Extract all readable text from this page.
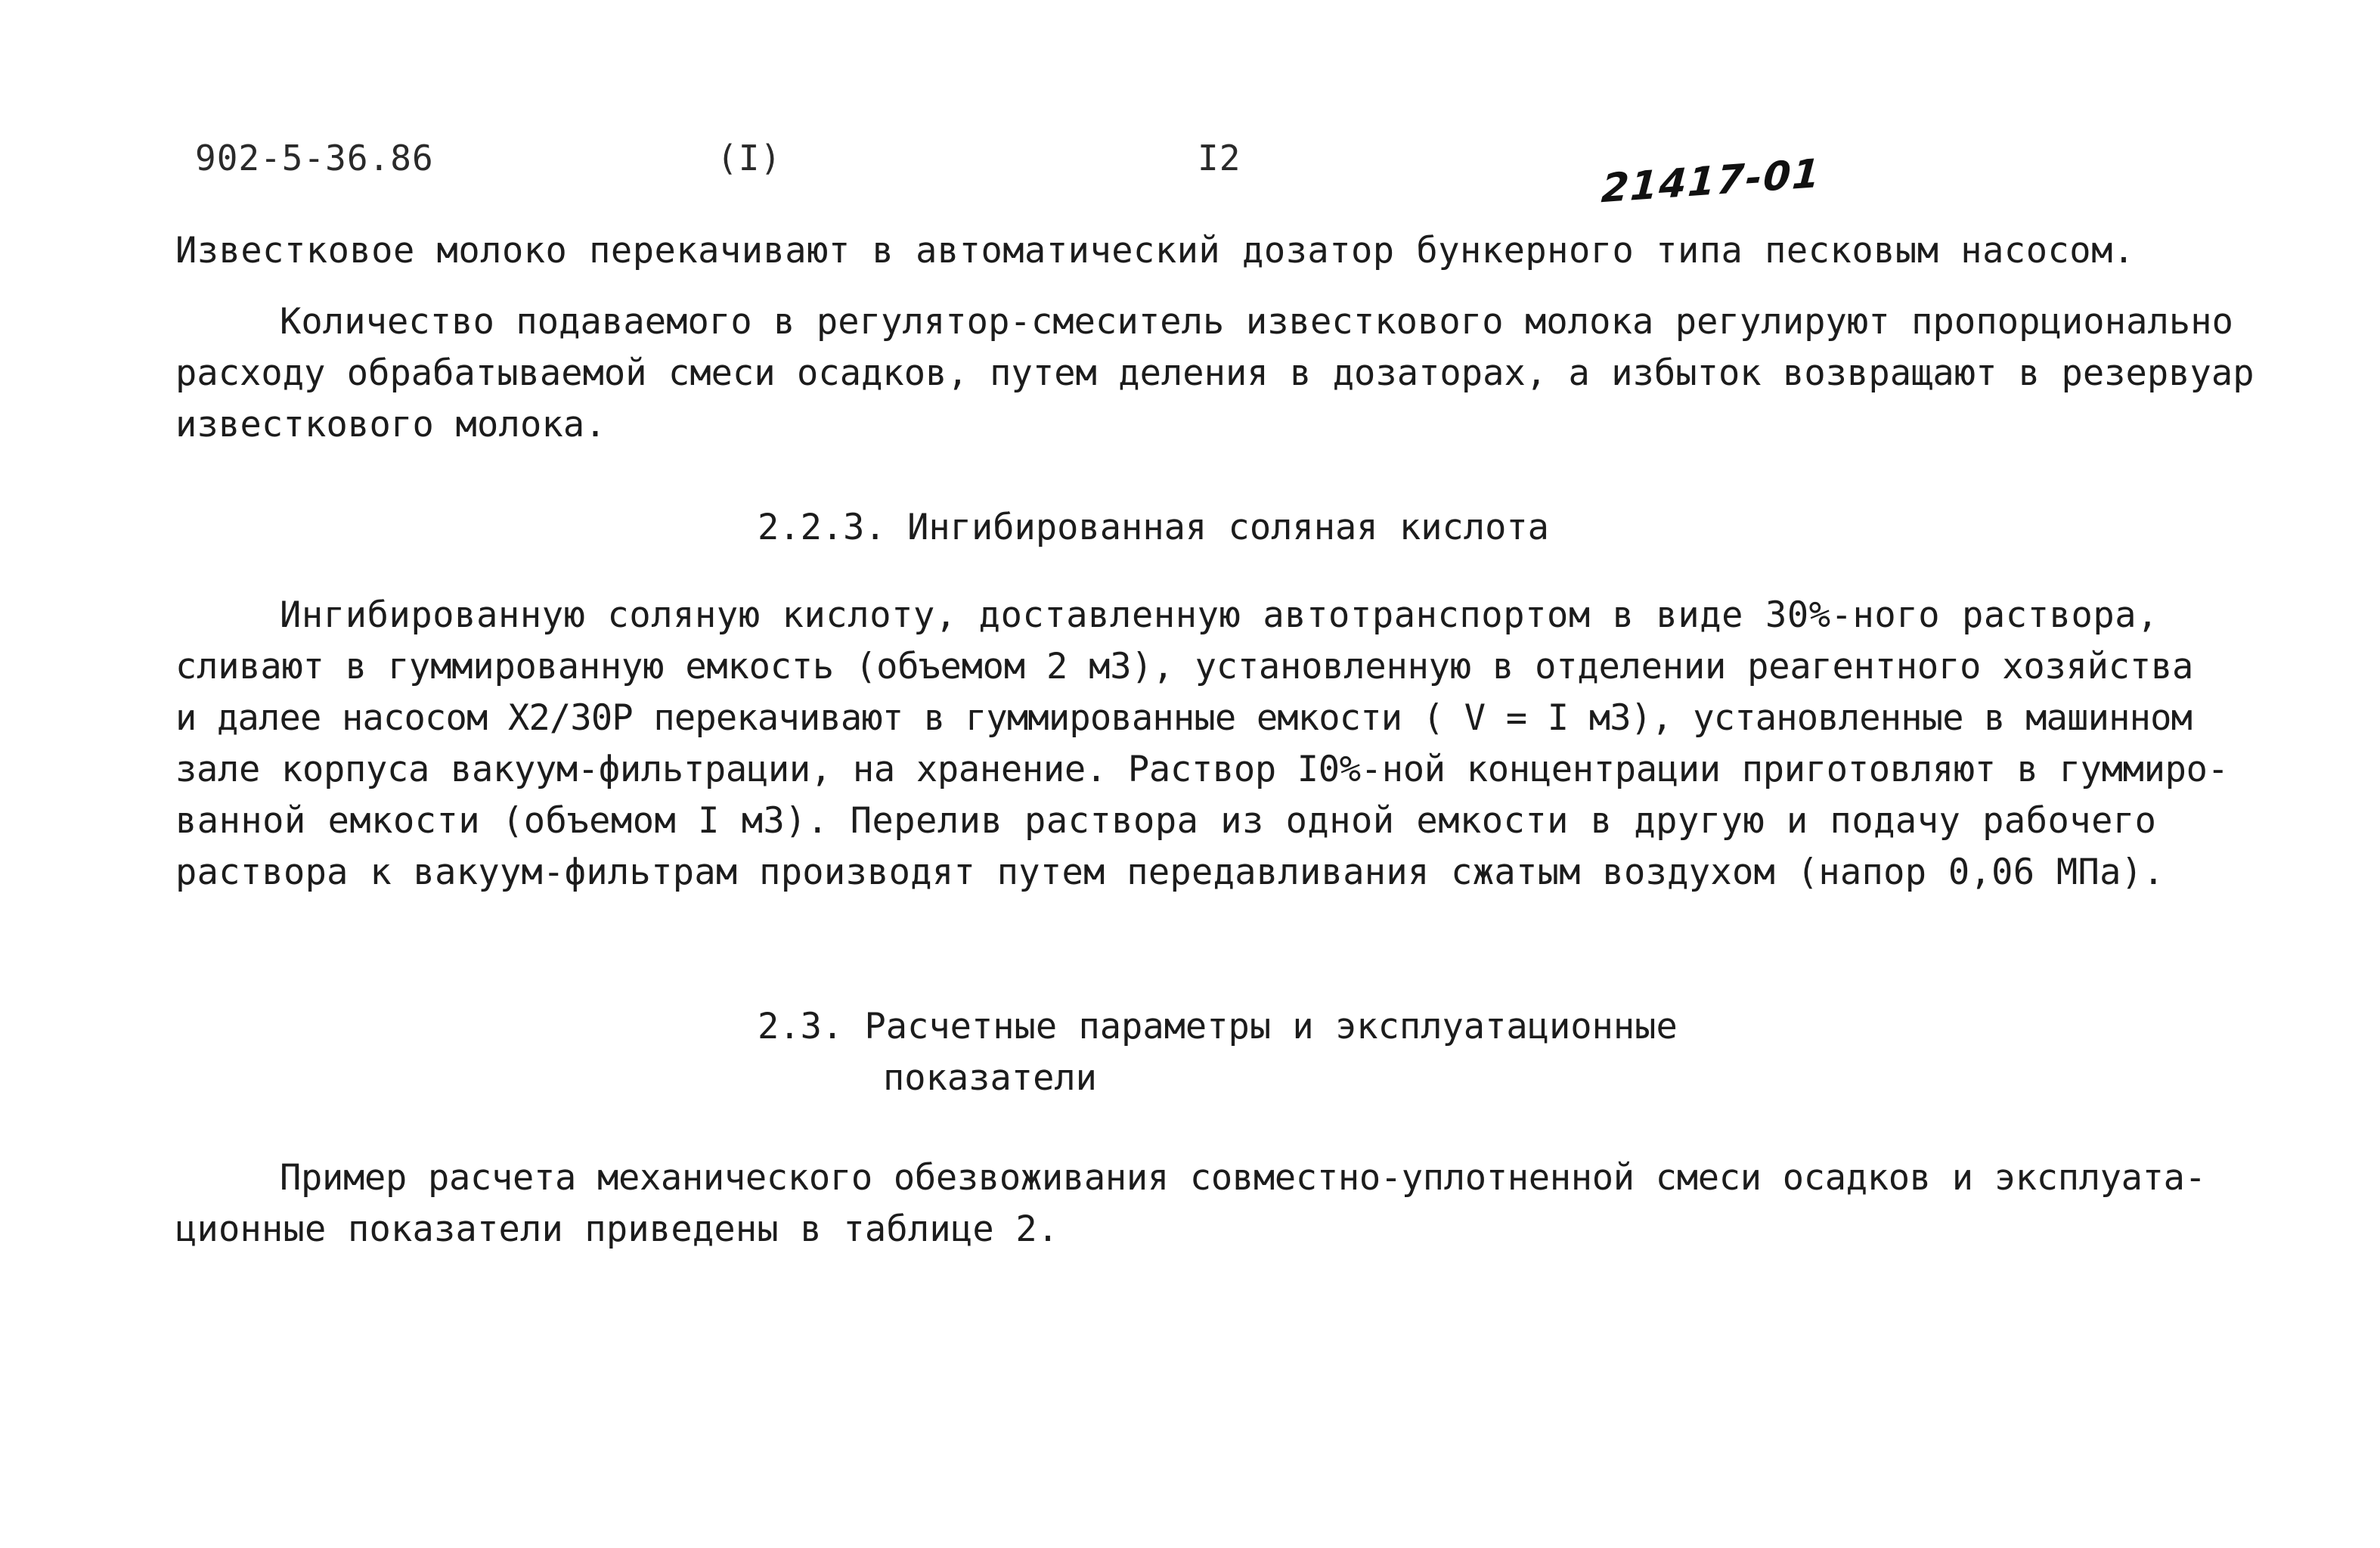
902-5-36.86	(I)	I2	21417-01
Известковое молоко перекачивают в автоматический дозатор бункерного типа песковым насосом.
Количество подаваемого в регулятор-смеситель известкового молока регулируют пропорционально
расходу обрабатываемой смеси осадков, путем деления в дозаторах, а избыток возвращают в резервуар
известкового молока.
2.2.3. Ингибированная соляная кислота
Ингибированную соляную кислоту, доставленную автотранспортом в виде 30%-ного раствора,
сливают в гуммированную емкость (объемом 2 м3), установленную в отделении реагентного хозяйства
и далее насосом Х2/30Р перекачивают в гуммированные емкости ( V = I м3), установленные в машинном
зале корпуса вакуум-фильтрации, на хранение. Раствор I0%-ной концентрации приготовляют в гуммиро-
ванной емкости (объемом I м3). Перелив раствора из одной емкости в другую и подачу рабочего
раствора к вакуум-фильтрам производят путем передавливания сжатым воздухом (напор 0,06 МПа).
2.3. Расчетные параметры и эксплуатационные
показатели
Пример расчета механического обезвоживания совместно-уплотненной смеси осадков и эксплуата-
ционные показатели приведены в таблице 2.
